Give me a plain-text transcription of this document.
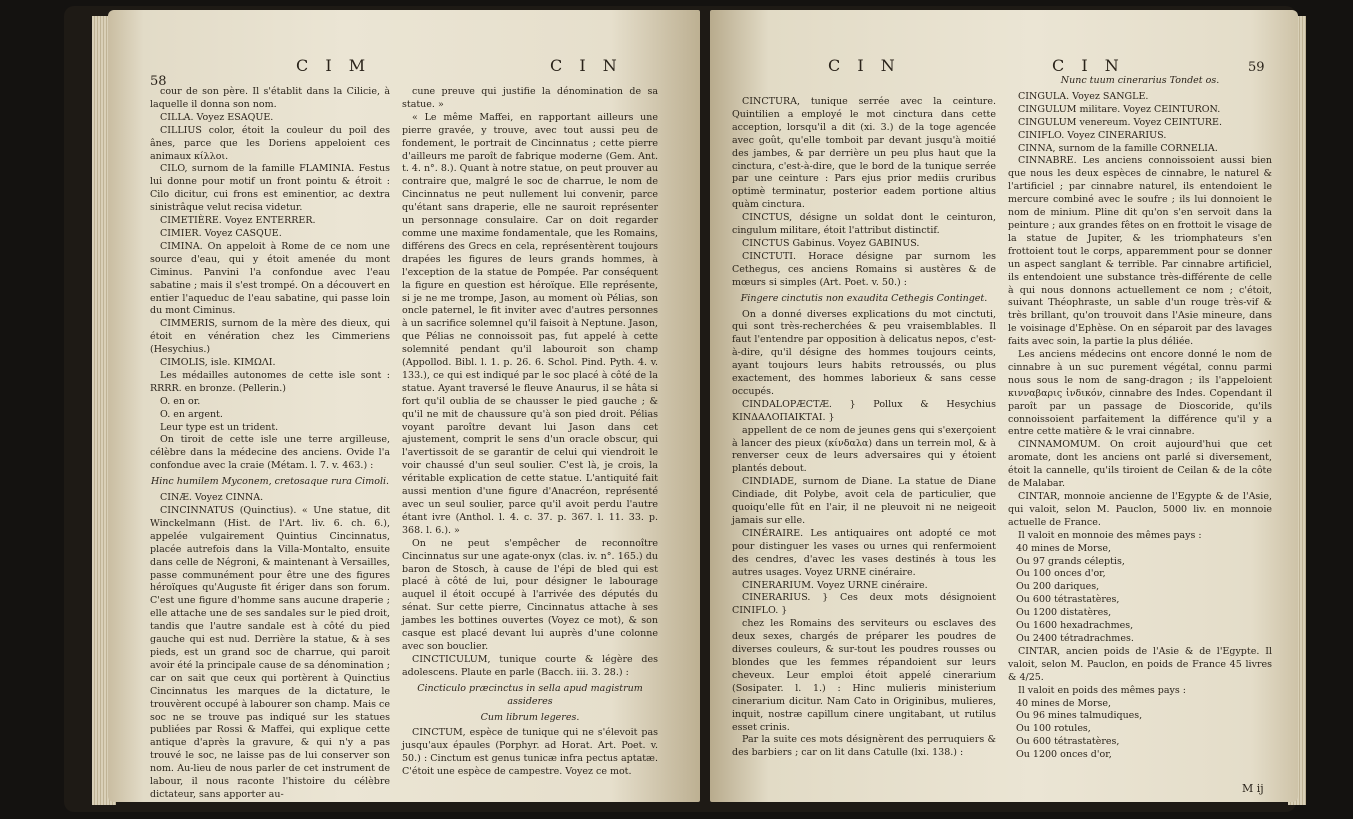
58
C I M	C I N

cour de son père. Il s'établit dans la Cilicie, à laquelle il donna son nom.

CILLA. Voyez ESAQUE.

CILLIUS color, étoit la couleur du poil des ânes, parce que les Doriens appeloient ces animaux κίλλοι.

CILO, surnom de la famille FLAMINIA. Festus lui donne pour motif un front pointu & étroit : Cilo dicitur, cui frons est eminentior, ac dextra sinistrâque velut recisa videtur.

CIMETIÈRE. Voyez ENTERRER.

CIMIER. Voyez CASQUE.

CIMINA. On appeloit à Rome de ce nom une source d'eau, qui y étoit amenée du mont Ciminus. Panvini l'a confondue avec l'eau sabatine ; mais il s'est trompé. On a découvert en entier l'aqueduc de l'eau sabatine, qui passe loin du mont Ciminus.

CIMMERIS, surnom de la mère des dieux, qui étoit en vénération chez les Cimmeriens (Hesychius.)

CIMOLIS, isle. ΚΙΜΩΛΙ.

Les médailles autonomes de cette isle sont : RRRR. en bronze. (Pellerin.)

O. en or.

O. en argent.

Leur type est un trident.

On tiroit de cette isle une terre argilleuse, célèbre dans la médecine des anciens. Ovide l'a confondue avec la craie (Métam. l. 7. v. 463.) :

Hinc humilem Myconem, cretosaque rura Cimoli.

CINÆ. Voyez CINNA.

CINCINNATUS (Quinctius). « Une statue, dit Winckelmann (Hist. de l'Art. liv. 6. ch. 6.), appelée vulgairement Quintius Cincinnatus, placée autrefois dans la Villa-Montalto, ensuite dans celle de Négroni, & maintenant à Versailles, passe communément pour être une des figures héroïques qu'Auguste fit ériger dans son forum. C'est une figure d'homme sans aucune draperie ; elle attache une de ses sandales sur le pied droit, tandis que l'autre sandale est à côté du pied gauche qui est nud. Derrière la statue, & à ses pieds, est un grand soc de charrue, qui paroit avoir été la principale cause de sa dénomination ; car on sait que ceux qui portèrent à Quinctius Cincinnatus les marques de la dictature, le trouvèrent occupé à labourer son champ. Mais ce soc ne se trouve pas indiqué sur les statues publiées par Rossi & Maffei, qui explique cette antique d'après la gravure, & qui n'y a pas trouvé le soc, ne laisse pas de lui conserver son nom. Au-lieu de nous parler de cet instrument de labour, il nous raconte l'histoire du célèbre dictateur, sans apporter au-

cune preuve qui justifie la dénomination de sa statue. »

« Le même Maffei, en rapportant ailleurs une pierre gravée, y trouve, avec tout aussi peu de fondement, le portrait de Cincinnatus ; cette pierre d'ailleurs me paroît de fabrique moderne (Gem. Ant. t. 4. n°. 8.). Quant à notre statue, on peut prouver au contraire que, malgré le soc de charrue, le nom de Cincinnatus ne peut nullement lui convenir, parce qu'étant sans draperie, elle ne sauroit représenter un personnage consulaire. Car on doit regarder comme une maxime fondamentale, que les Romains, différens des Grecs en cela, représentèrent toujours drapées les figures de leurs grands hommes, à l'exception de la statue de Pompée. Par conséquent la figure en question est héroïque. Elle représente, si je ne me trompe, Jason, au moment où Pélias, son oncle paternel, le fit inviter avec d'autres personnes à un sacrifice solemnel qu'il faisoit à Neptune. Jason, que Pélias ne connoissoit pas, fut appelé à cette solemnité pendant qu'il labouroit son champ (Appollod. Bibl. l. 1. p. 26. 6. Schol. Pind. Pyth. 4. v. 133.), ce qui est indiqué par le soc placé à côté de la statue. Ayant traversé le fleuve Anaurus, il se hâta si fort qu'il oublia de se chausser le pied gauche ; & qu'il ne mit de chaussure qu'à son pied droit. Pélias voyant paroître devant lui Jason dans cet ajustement, comprit le sens d'un oracle obscur, qui l'avertissoit de se garantir de celui qui viendroit le voir chaussé d'un seul soulier. C'est là, je crois, la véritable explication de cette statue. L'antiquité fait aussi mention d'une figure d'Anacréon, représenté avec un seul soulier, parce qu'il avoit perdu l'autre étant ivre (Anthol. l. 4. c. 37. p. 367. l. 11. 33. p. 368. l. 6.). »

On ne peut s'empêcher de reconnoître Cincinnatus sur une agate-onyx (clas. iv. n°. 165.) du baron de Stosch, à cause de l'épi de bled qui est placé à côté de lui, pour désigner le labourage auquel il étoit occupé à l'arrivée des députés du sénat. Sur cette pierre, Cincinnatus attache à ses jambes les bottines ouvertes (Voyez ce mot), & son casque est placé devant lui auprès d'une colonne avec son bouclier.

CINCTICULUM, tunique courte & légère des adolescens. Plaute en parle (Bacch. iii. 3. 28.) :

Cincticulo præcinctus in sella apud magistrum assideres

Cum librum legeres.

CINCTUM, espèce de tunique qui ne s'élevoit pas jusqu'aux épaules (Porphyr. ad Horat. Art. Poet. v. 50.) : Cinctum est genus tunicæ infra pectus aptatæ. C'étoit une espèce de campestre. Voyez ce mot.

C I N	C I N	59

CINCTURA, tunique serrée avec la ceinture. Quintilien a employé le mot cinctura dans cette acception, lorsqu'il a dit (xi. 3.) de la toge agencée avec goût, qu'elle tomboit par devant jusqu'à moitié des jambes, & par derrière un peu plus haut que la cinctura, c'est-à-dire, que le bord de la tunique serrée par une ceinture : Pars ejus prior mediis cruribus optimè terminatur, posterior eadem portione altius quàm cinctura.

CINCTUS, désigne un soldat dont le ceinturon, cingulum militare, étoit l'attribut distinctif.

CINCTUS Gabinus. Voyez GABINUS.

CINCTUTI. Horace désigne par surnom les Cethegus, ces anciens Romains si austères & de mœurs si simples (Art. Poet. v. 50.) :

Fingere cinctutis non exaudita Cethegis Continget.

On a donné diverses explications du mot cinctuti, qui sont très-recherchées & peu vraisemblables. Il faut l'entendre par opposition à delicatus nepos, c'est-à-dire, qu'il désigne des hommes toujours ceints, ayant toujours leurs habits retroussés, ou plus exactement, des hommes laborieux & sans cesse occupés.

CINDALOPÆCTÆ. } Pollux & Hesychius ΚΙΝΔΑΛΟΠΑΙΚΤΑΙ. }

appellent de ce nom de jeunes gens qui s'exerçoient à lancer des pieux (κίνδαλα) dans un terrein mol, & à renverser ceux de leurs adversaires qui y étoient plantés debout.

CINDIADE, surnom de Diane. La statue de Diane Cindiade, dit Polybe, avoit cela de particulier, que quoiqu'elle fût en l'air, il ne pleuvoit ni ne neigeoit jamais sur elle.

CINÉRAIRE. Les antiquaires ont adopté ce mot pour distinguer les vases ou urnes qui renfermoient des cendres, d'avec les vases destinés à tous les autres usages. Voyez URNE cinéraire.

CINERARIUM. Voyez URNE cinéraire.

CINERARIUS. } Ces deux mots désignoient CINIFLO. }

chez les Romains des serviteurs ou esclaves des deux sexes, chargés de préparer les poudres de diverses couleurs, & sur-tout les poudres rousses ou blondes que les femmes répandoient sur leurs cheveux. Leur emploi étoit appelé cinerarium (Sosipater. l. 1.) : Hinc mulieris ministerium cinerarium dicitur. Nam Cato in Originibus, mulieres, inquit, nostræ capillum cinere ungitabant, ut rutilus esset crinis.

Par la suite ces mots désignèrent des perruquiers & des barbiers ; car on lit dans Catulle (lxi. 138.) :

Nunc tuum cinerarius Tondet os.

CINGULA. Voyez SANGLE.

CINGULUM militare. Voyez CEINTURON.

CINGULUM venereum. Voyez CEINTURE.

CINIFLO. Voyez CINERARIUS.

CINNA, surnom de la famille CORNELIA.

CINNABRE. Les anciens connoissoient aussi bien que nous les deux espèces de cinnabre, le naturel & l'artificiel ; par cinnabre naturel, ils entendoient le mercure combiné avec le soufre ; ils lui donnoient le nom de minium. Pline dit qu'on s'en servoit dans la peinture ; aux grandes fêtes on en frottoit le visage de la statue de Jupiter, & les triomphateurs s'en frottoient tout le corps, apparemment pour se donner un aspect sanglant & terrible. Par cinnabre artificiel, ils entendoient une substance très-différente de celle à qui nous donnons actuellement ce nom ; c'étoit, suivant Théophraste, un sable d'un rouge très-vif & très brillant, qu'on trouvoit dans l'Asie mineure, dans le voisinage d'Ephèse. On en séparoit par des lavages faits avec soin, la partie la plus déliée.

Les anciens médecins ont encore donné le nom de cinnabre à un suc purement végétal, connu parmi nous sous le nom de sang-dragon ; ils l'appeloient κινναβαρις ἰνδικόν, cinnabre des Indes. Copendant il paroît par un passage de Dioscoride, qu'ils connoissoient parfaitement la différence qu'il y a entre cette matière & le vrai cinnabre.

CINNAMOMUM. On croit aujourd'hui que cet aromate, dont les anciens ont parlé si diversement, étoit la cannelle, qu'ils tiroient de Ceilan & de la côte de Malabar.

CINTAR, monnoie ancienne de l'Egypte & de l'Asie, qui valoit, selon M. Pauclon, 5000 liv. en monnoie actuelle de France.

Il valoit en monnoie des mêmes pays :

40 mines de Morse,

Ou 97 grands céleptis,

Ou 100 onces d'or,

Ou 200 dariques,

Ou 600 tétrastatères,

Ou 1200 distatères,

Ou 1600 hexadrachmes,

Ou 2400 tétradrachmes.

CINTAR, ancien poids de l'Asie & de l'Egypte. Il valoit, selon M. Pauclon, en poids de France 45 livres & 4/25.

Il valoit en poids des mêmes pays :

40 mines de Morse,

Ou 96 mines talmudiques,

Ou 100 rotules,

Ou 600 tétrastatères,

Ou 1200 onces d'or,

M ij
